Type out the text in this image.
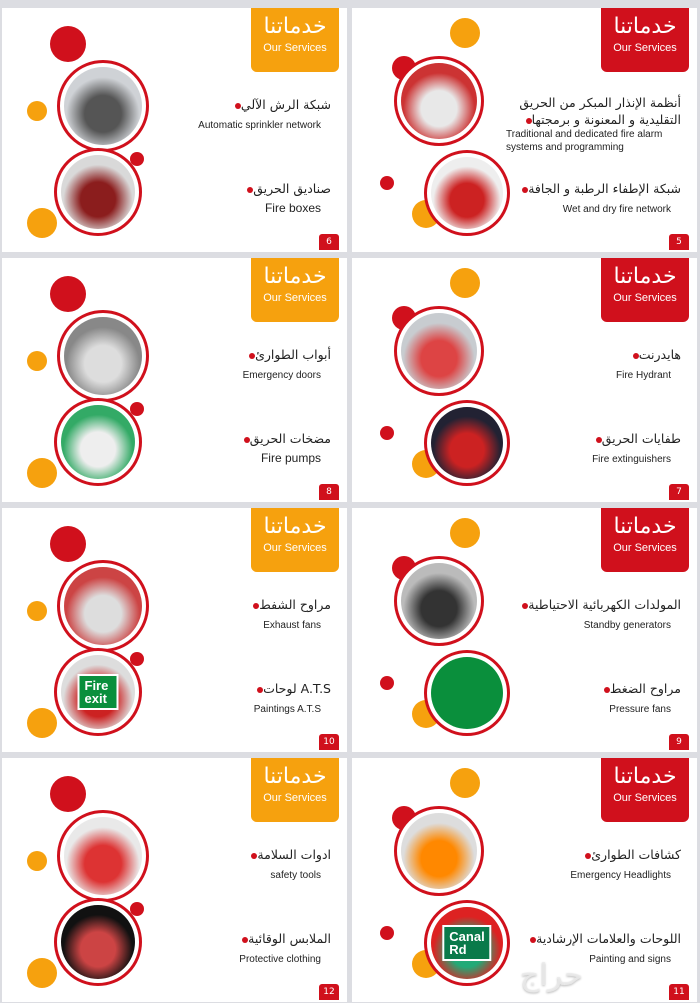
خدماتنا
Our Services
شبكة الرش الآلي
Automatic sprinkler network
صناديق الحريق
Fire boxes
6
خدماتنا
Our Services
أنظمة الإنذار المبكر من الحريق التقليدية و المعنونة و برمجتها
Traditional and dedicated fire alarm systems and programming
شبكة الإطفاء الرطبة و الجافة
Wet and dry fire network
5
خدماتنا
Our Services
أبواب الطوارئ
Emergency doors
مضخات الحريق
Fire pumps
8
خدماتنا
Our Services
هايدرنت
Fire Hydrant
طفايات الحريق
Fire extinguishers
7
خدماتنا
Our Services
مراوح الشفط
Exhaust fans
Fire exit
A.T.S لوحات
Paintings A.T.S
10
خدماتنا
Our Services
المولدات الكهربائية الاحتياطية
Standby generators
مراوح الضغط
Pressure fans
9
خدماتنا
Our Services
ادوات السلامة
safety tools
الملابس الوقائية
Protective clothing
12
خدماتنا
Our Services
كشافات الطوارئ
Emergency Headlights
Canal Rd
اللوحات والعلامات الإرشادية
Painting and signs
11
حراج
